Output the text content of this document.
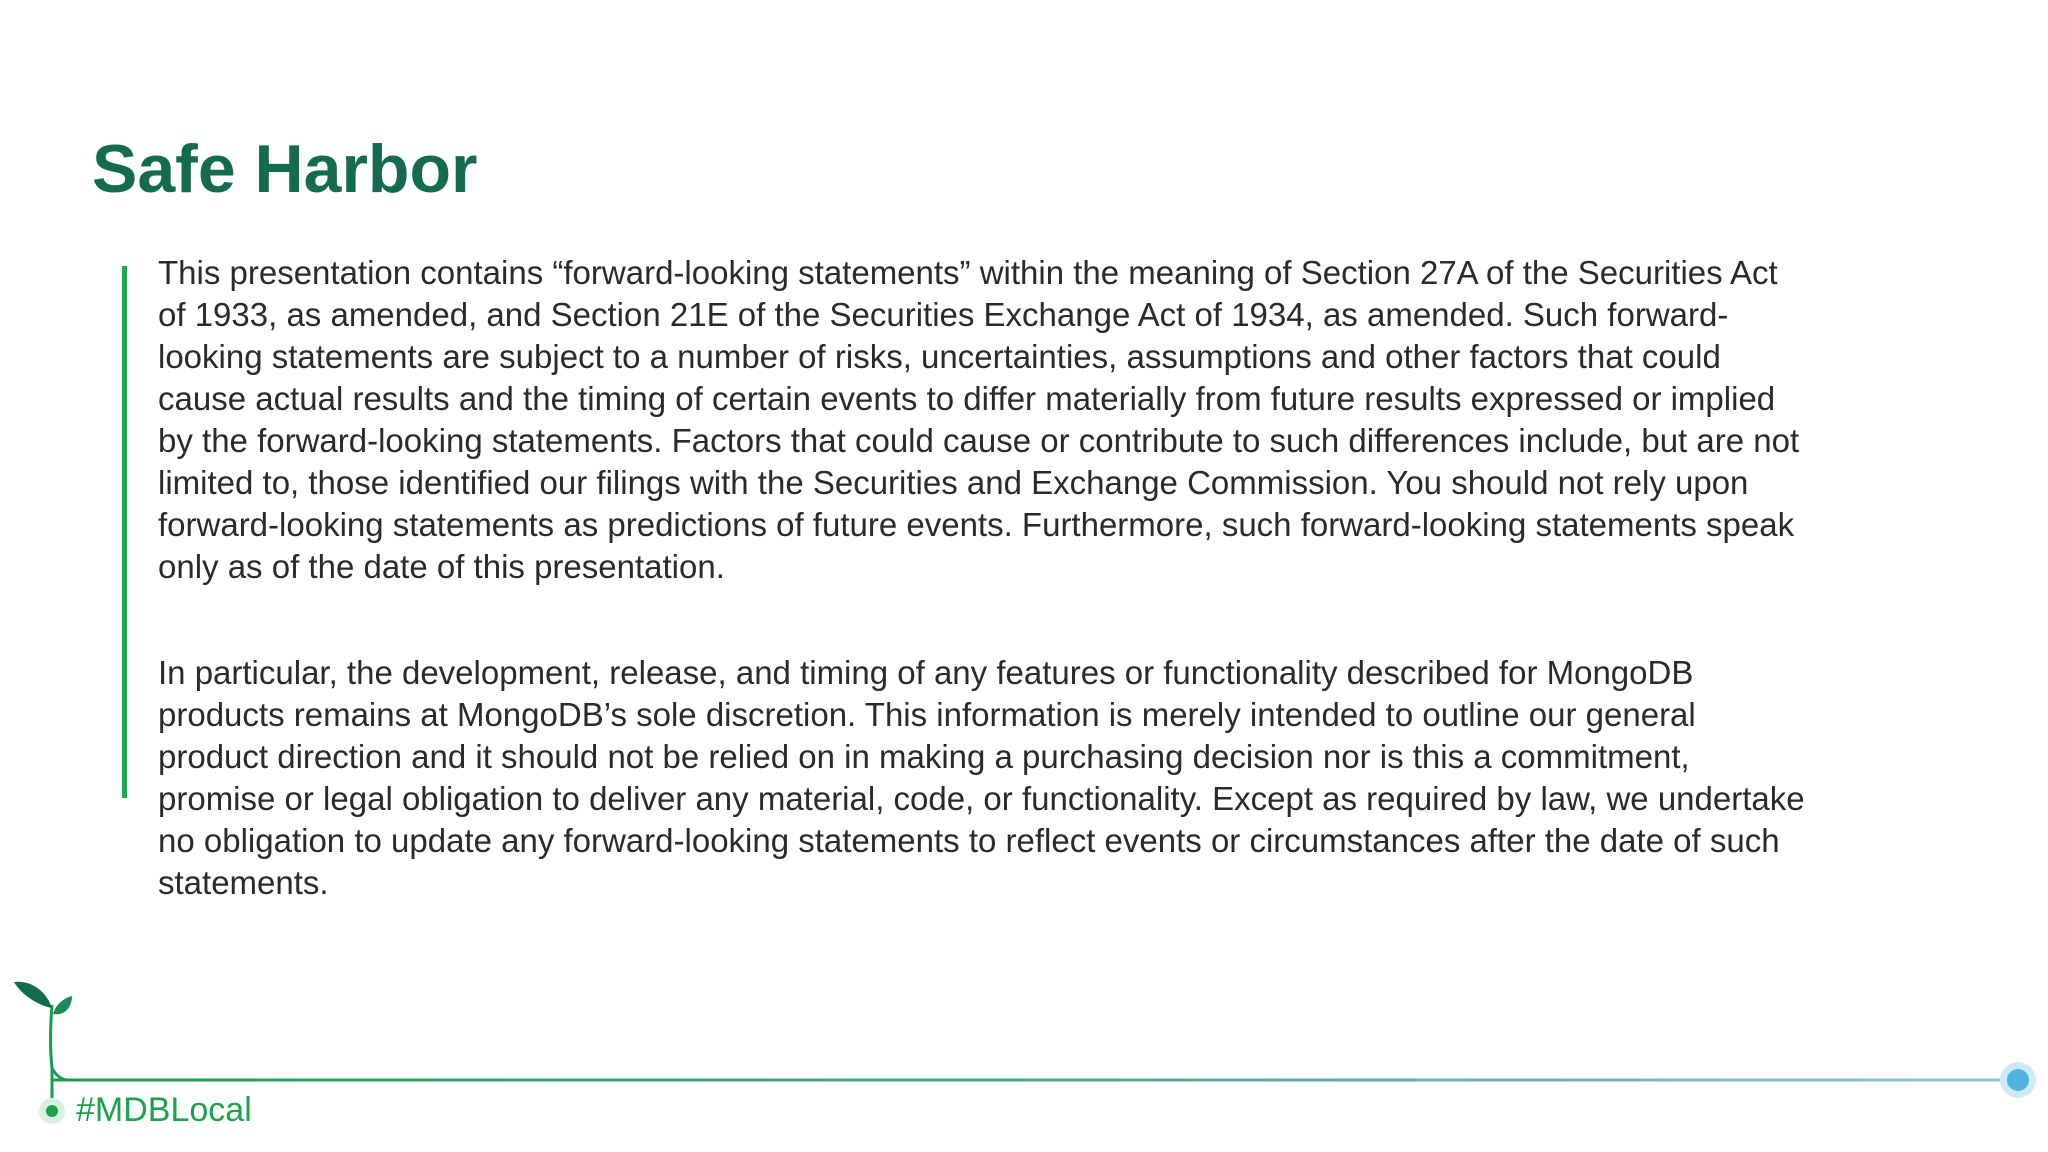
Safe Harbor

This presentation contains “forward-looking statements” within the meaning of Section 27A of the Securities Act
of 1933, as amended, and Section 21E of the Securities Exchange Act of 1934, as amended. Such forward-
looking statements are subject to a number of risks, uncertainties, assumptions and other factors that could
cause actual results and the timing of certain events to differ materially from future results expressed or implied
by the forward-looking statements. Factors that could cause or contribute to such differences include, but are not
limited to, those identified our filings with the Securities and Exchange Commission. You should not rely upon
forward-looking statements as predictions of future events. Furthermore, such forward-looking statements speak
only as of the date of this presentation.

In particular, the development, release, and timing of any features or functionality described for MongoDB
products remains at MongoDB’s sole discretion. This information is merely intended to outline our general
product direction and it should not be relied on in making a purchasing decision nor is this a commitment,
promise or legal obligation to deliver any material, code, or functionality. Except as required by law, we undertake
no obligation to update any forward-looking statements to reflect events or circumstances after the date of such
statements.

#MDBLocal
